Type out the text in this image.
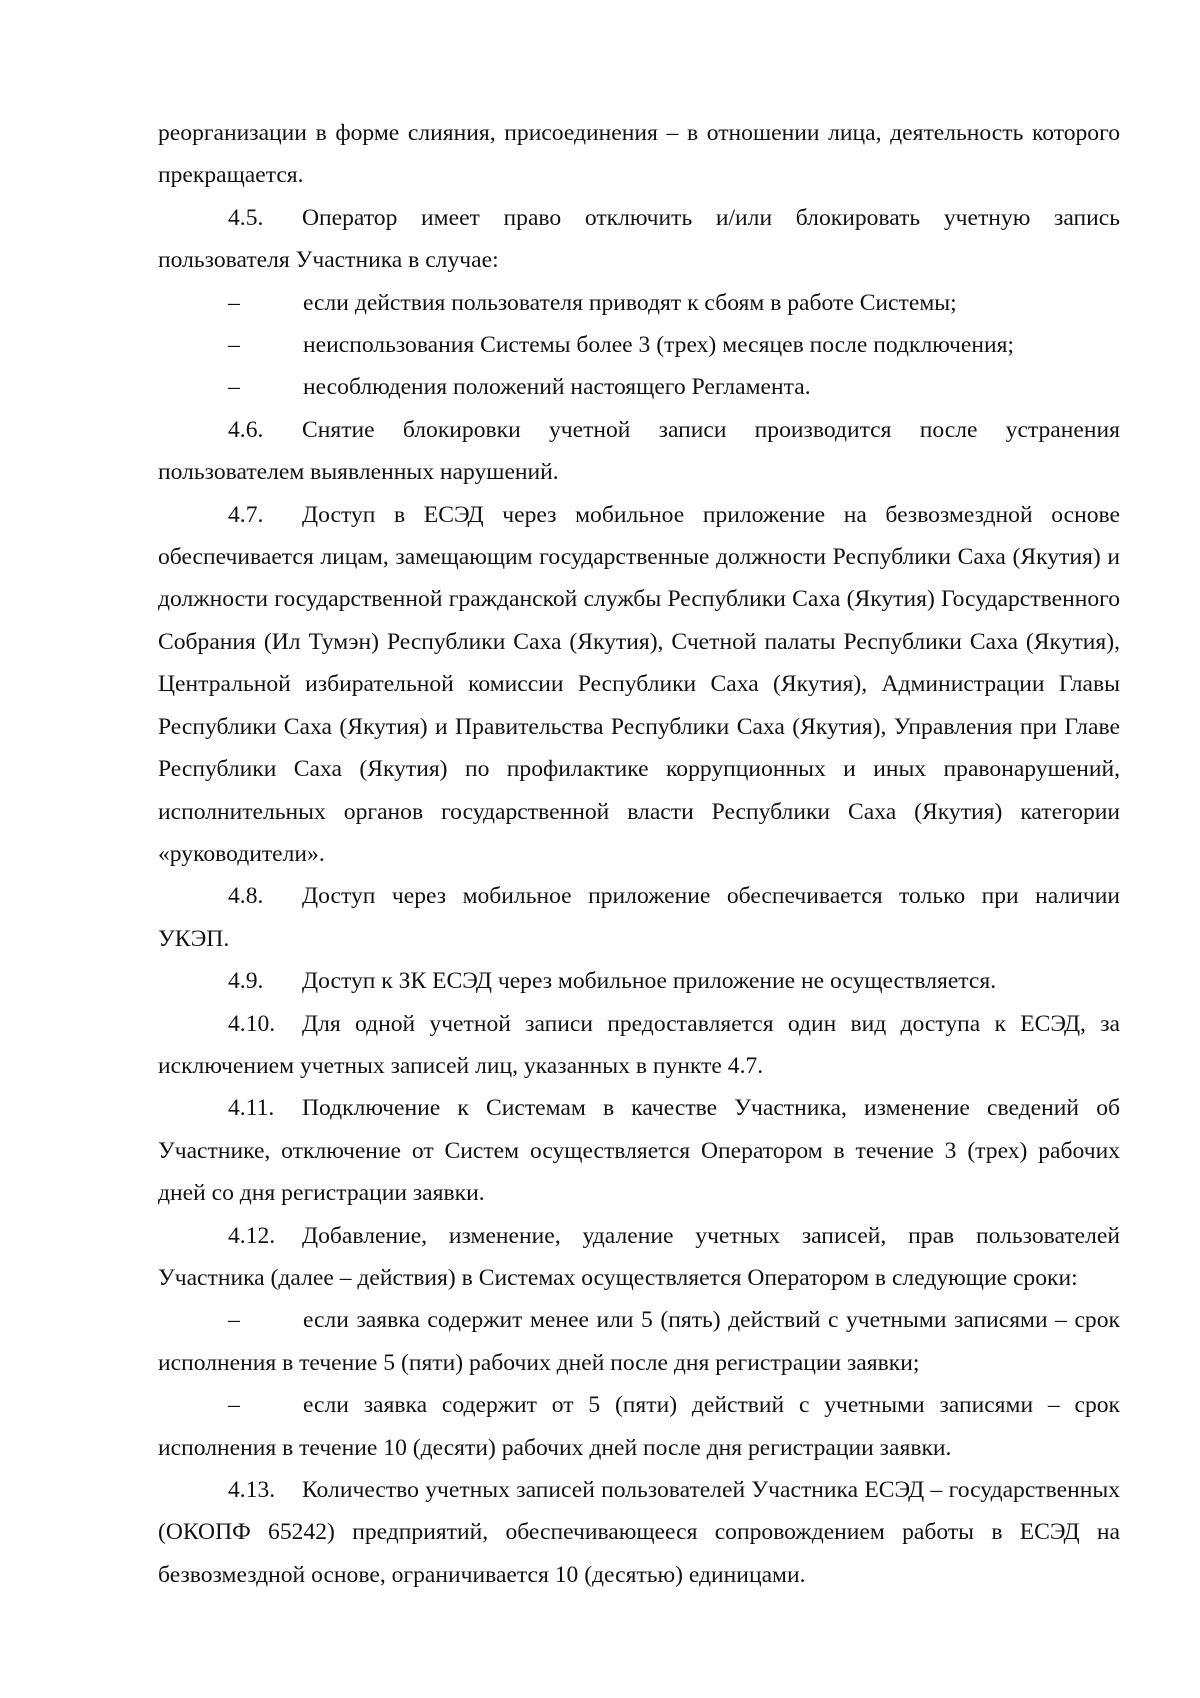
реорганизации в форме слияния, присоединения – в отношении лица, деятельность которого прекращается.

4.5. Оператор имеет право отключить и/или блокировать учетную запись пользователя Участника в случае:

–	если действия пользователя приводят к сбоям в работе Системы;

–	неиспользования Системы более 3 (трех) месяцев после подключения;

–	несоблюдения положений настоящего Регламента.

4.6. Снятие блокировки учетной записи производится после устранения пользователем выявленных нарушений.

4.7. Доступ в ЕСЭД через мобильное приложение на безвозмездной основе обеспечивается лицам, замещающим государственные должности Республики Саха (Якутия) и должности государственной гражданской службы Республики Саха (Якутия) Государственного Собрания (Ил Тумэн) Республики Саха (Якутия), Счетной палаты Республики Саха (Якутия), Центральной избирательной комиссии Республики Саха (Якутия), Администрации Главы Республики Саха (Якутия) и Правительства Республики Саха (Якутия), Управления при Главе Республики Саха (Якутия) по профилактике коррупционных и иных правонарушений, исполнительных органов государственной власти Республики Саха (Якутия) категории «руководители».

4.8. Доступ через мобильное приложение обеспечивается только при наличии УКЭП.

4.9. Доступ к ЗК ЕСЭД через мобильное приложение не осуществляется.

4.10. Для одной учетной записи предоставляется один вид доступа к ЕСЭД, за исключением учетных записей лиц, указанных в пункте 4.7.

4.11. Подключение к Системам в качестве Участника, изменение сведений об Участнике, отключение от Систем осуществляется Оператором в течение 3 (трех) рабочих дней со дня регистрации заявки.

4.12. Добавление, изменение, удаление учетных записей, прав пользователей Участника (далее – действия) в Системах осуществляется Оператором в следующие сроки:

–	если заявка содержит менее или 5 (пять) действий с учетными записями – срок исполнения в течение 5 (пяти) рабочих дней после дня регистрации заявки;

–	если заявка содержит от 5 (пяти) действий с учетными записями – срок исполнения в течение 10 (десяти) рабочих дней после дня регистрации заявки.

4.13. Количество учетных записей пользователей Участника ЕСЭД – государственных (ОКОПФ 65242) предприятий, обеспечивающееся сопровождением работы в ЕСЭД на безвозмездной основе, ограничивается 10 (десятью) единицами.
